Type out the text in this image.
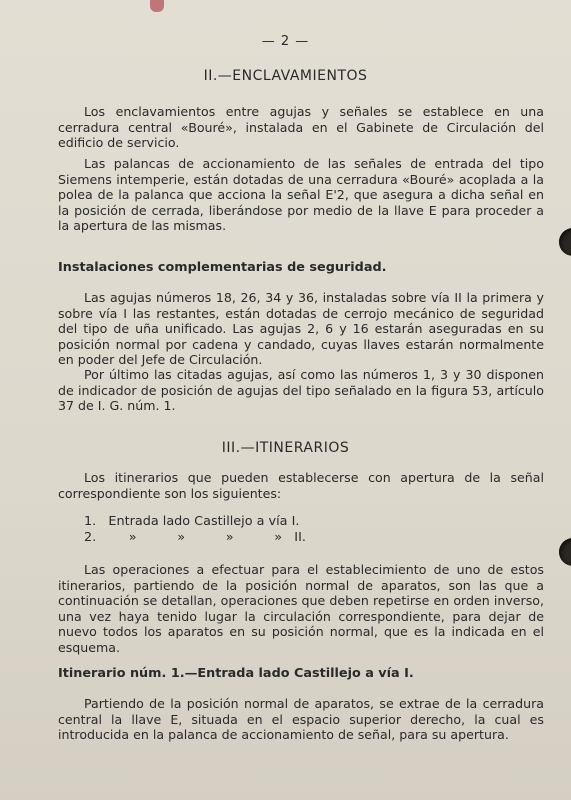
— 2 —
II.—ENCLAVAMIENTOS

Los enclavamientos entre agujas y señales se establece en una cerradura central «Bouré», instalada en el Gabinete de Circulación del edificio de servicio.

Las palancas de accionamiento de las señales de entrada del tipo Siemens intemperie, están dotadas de una cerradura «Bouré» acoplada a la polea de la palanca que acciona la señal E'2, que asegura a dicha señal en la posición de cerrada, liberándose por medio de la llave E para proceder a la apertura de las mismas.

Instalaciones complementarias de seguridad.

Las agujas números 18, 26, 34 y 36, instaladas sobre vía II la primera y sobre vía I las restantes, están dotadas de cerrojo mecánico de seguridad del tipo de uña unificado. Las agujas 2, 6 y 16 estarán aseguradas en su posición normal por cadena y candado, cuyas llaves estarán normalmente en poder del Jefe de Circulación.

Por último las citadas agujas, así como las números 1, 3 y 30 disponen de indicador de posición de agujas del tipo señalado en la figura 53, artículo 37 de I. G. núm. 1.

III.—ITINERARIOS

Los itinerarios que pueden establecerse con apertura de la señal correspondiente son los siguientes:

1.   Entrada lado Castillejo a vía I.
2.        »          »          »          »   II.

Las operaciones a efectuar para el establecimiento de uno de estos itinerarios, partiendo de la posición normal de aparatos, son las que a continuación se detallan, operaciones que deben repetirse en orden inverso, una vez haya tenido lugar la circulación correspondiente, para dejar de nuevo todos los aparatos en su posición normal, que es la indicada en el esquema.

Itinerario núm. 1.—Entrada lado Castillejo a vía I.

Partiendo de la posición normal de aparatos, se extrae de la cerradura central la llave E, situada en el espacio superior derecho, la cual es introducida en la palanca de accionamiento de señal, para su apertura.
